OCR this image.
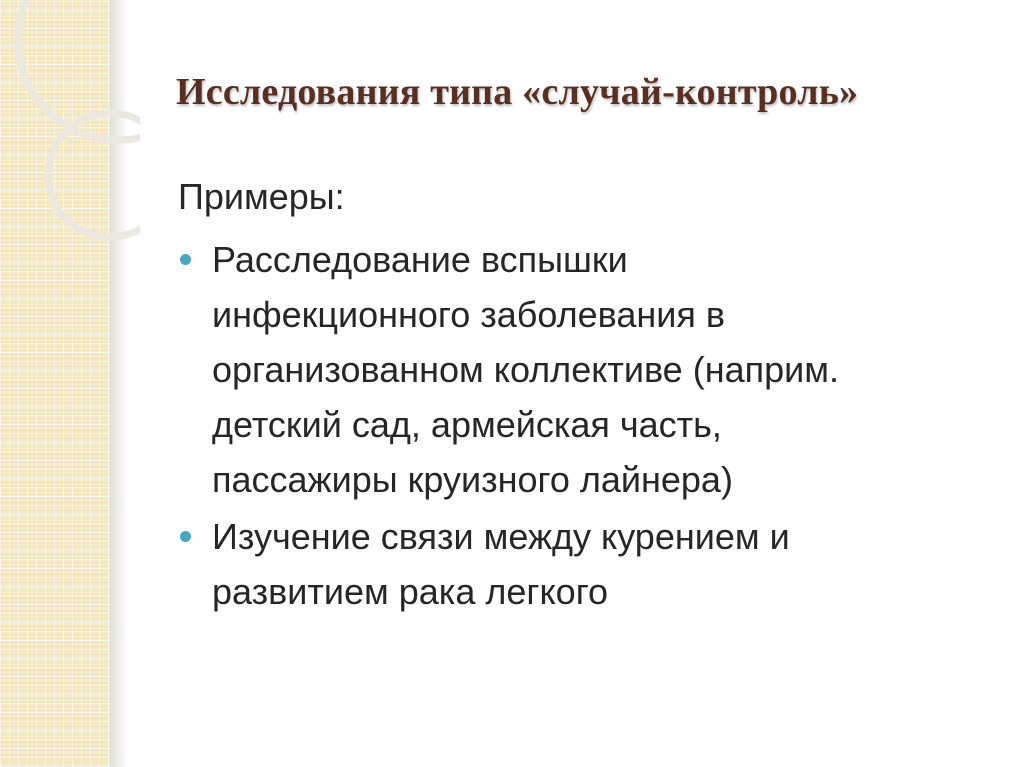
Исследования типа «случай-контроль»
Примеры:
Расследование вспышки
инфекционного заболевания в
организованном коллективе (наприм.
детский сад, армейская часть,
пассажиры круизного лайнера)
Изучение связи между курением и
развитием рака легкого
